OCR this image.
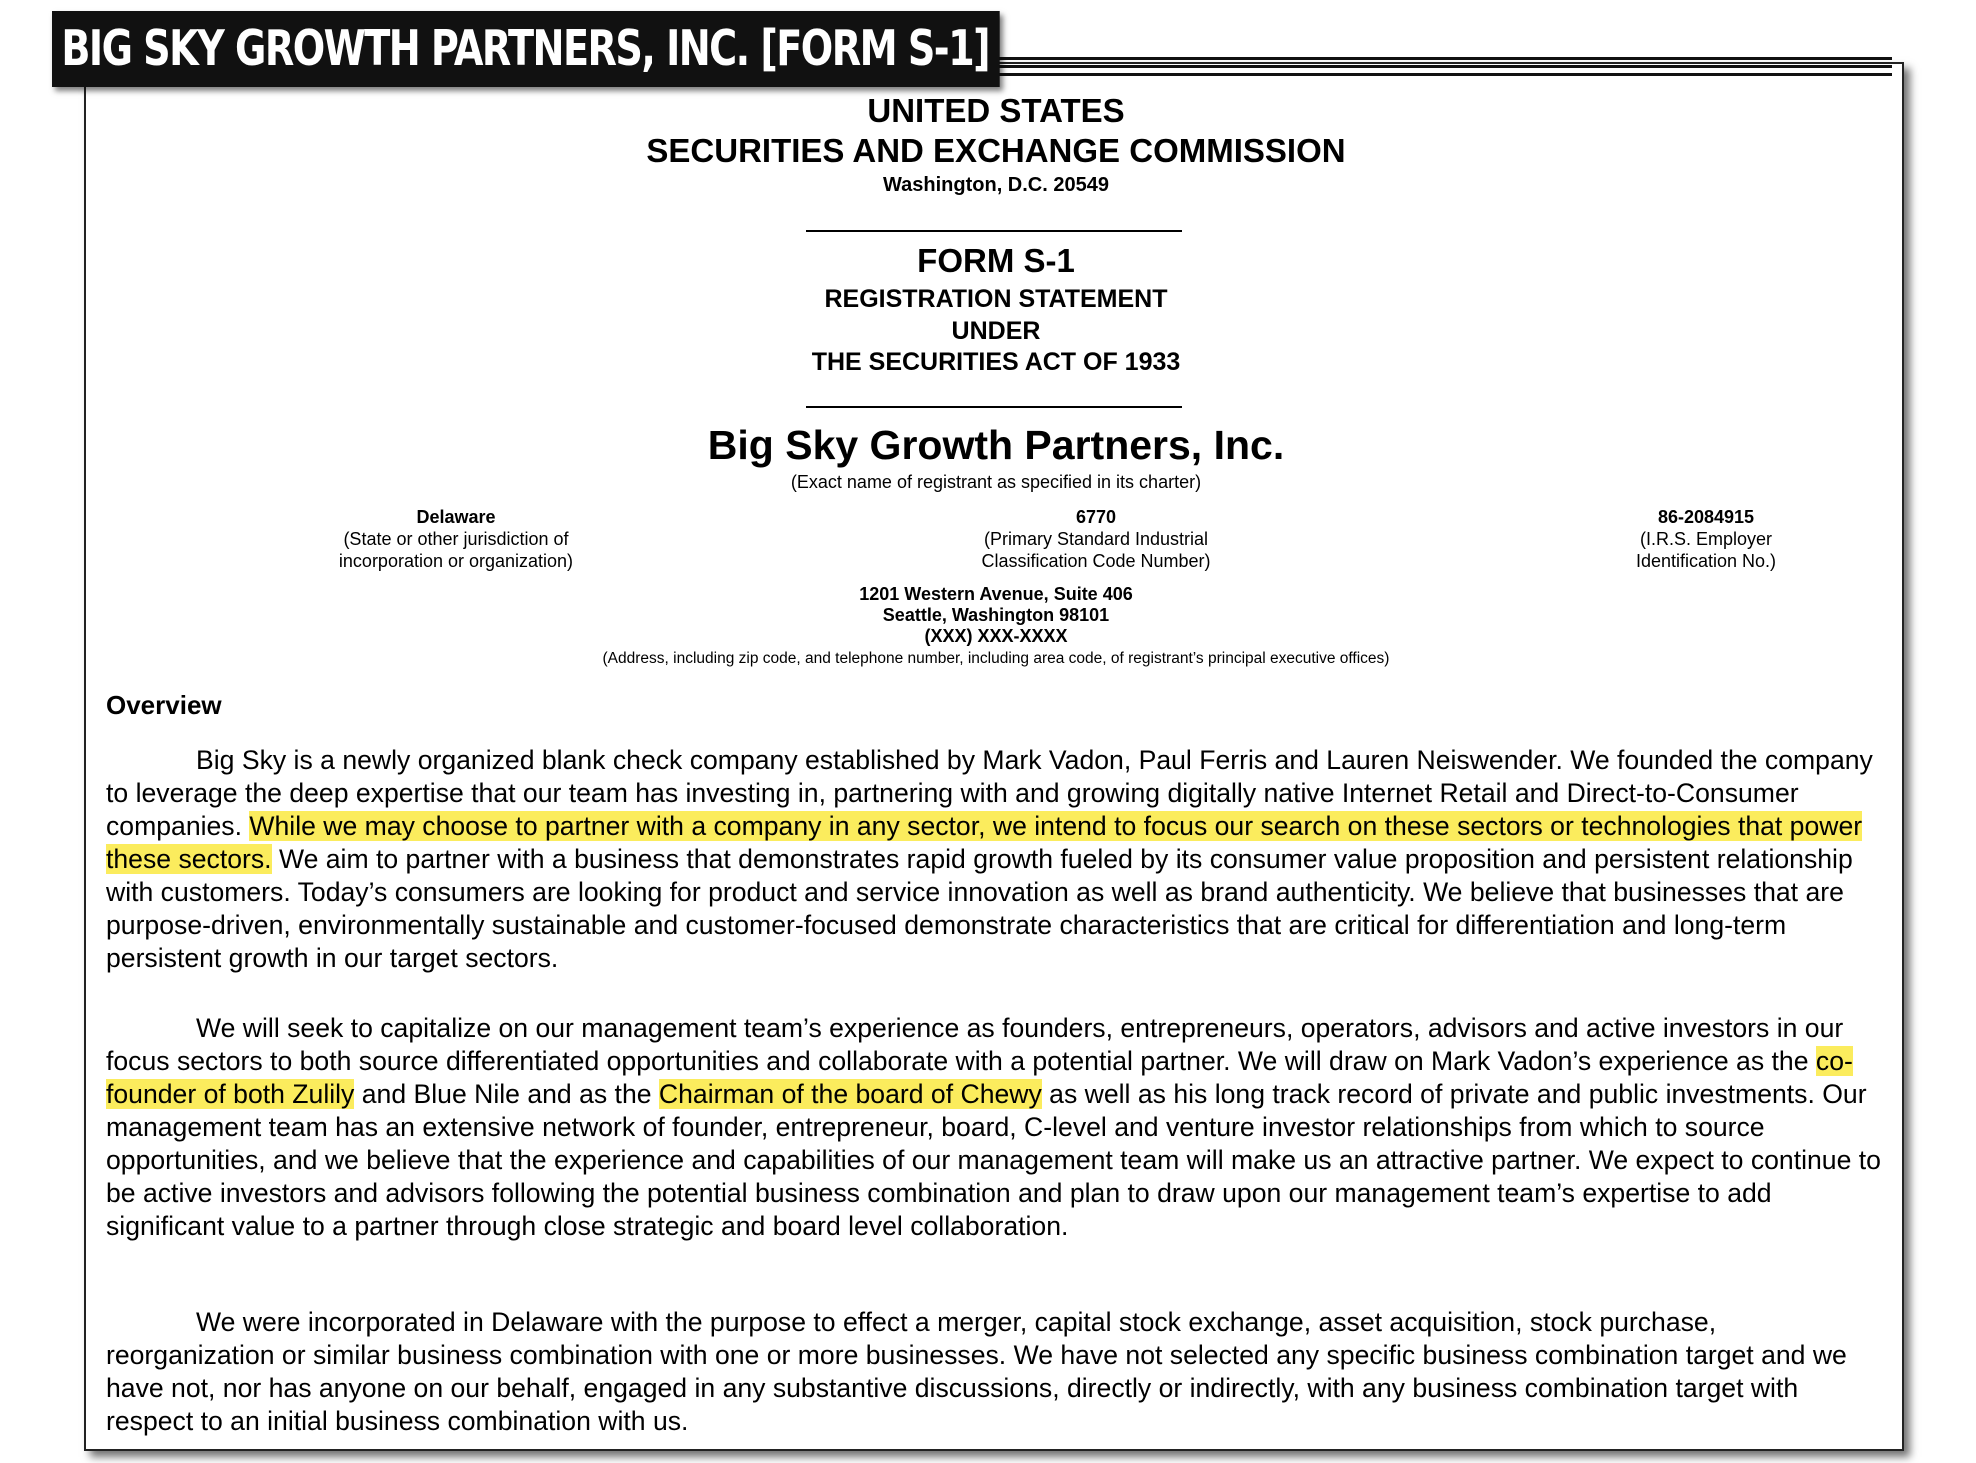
UNITED STATES
SECURITIES AND EXCHANGE COMMISSION
Washington, D.C. 20549
FORM S-1
REGISTRATION STATEMENT
UNDER
THE SECURITIES ACT OF 1933
Big Sky Growth Partners, Inc.
(Exact name of registrant as specified in its charter)
Delaware
(State or other jurisdiction of
incorporation or organization)
6770
(Primary Standard Industrial
Classification Code Number)
86-2084915
(I.R.S. Employer
Identification No.)
1201 Western Avenue, Suite 406
Seattle, Washington 98101
(XXX) XXX-XXXX
(Address, including zip code, and telephone number, including area code, of registrant’s principal executive offices)
Overview

Big Sky is a newly organized blank check company established by Mark Vadon, Paul Ferris and Lauren Neiswender. We founded the company to leverage the deep expertise that our team has investing in, partnering with and growing digitally native Internet Retail and Direct-to-Consumer companies. While we may choose to partner with a company in any sector, we intend to focus our search on these sectors or technologies that power these sectors. We aim to partner with a business that demonstrates rapid growth fueled by its consumer value proposition and persistent relationship with customers. Today’s consumers are looking for product and service innovation as well as brand authenticity. We believe that businesses that are purpose-driven, environmentally sustainable and customer-focused demonstrate characteristics that are critical for differentiation and long-term persistent growth in our target sectors.

We will seek to capitalize on our management team’s experience as founders, entrepreneurs, operators, advisors and active investors in our focus sectors to both source differentiated opportunities and collaborate with a potential partner. We will draw on Mark Vadon’s experience as the co-founder of both Zulily and Blue Nile and as the Chairman of the board of Chewy as well as his long track record of private and public investments. Our management team has an extensive network of founder, entrepreneur, board, C-level and venture investor relationships from which to source opportunities, and we believe that the experience and capabilities of our management team will make us an attractive partner. We expect to continue to be active investors and advisors following the potential business combination and plan to draw upon our management team’s expertise to add significant value to a partner through close strategic and board level collaboration.

We were incorporated in Delaware with the purpose to effect a merger, capital stock exchange, asset acquisition, stock purchase, reorganization or similar business combination with one or more businesses. We have not selected any specific business combination target and we have not, nor has anyone on our behalf, engaged in any substantive discussions, directly or indirectly, with any business combination target with respect to an initial business combination with us.

BIG SKY GROWTH PARTNERS, INC. [FORM S-1]
